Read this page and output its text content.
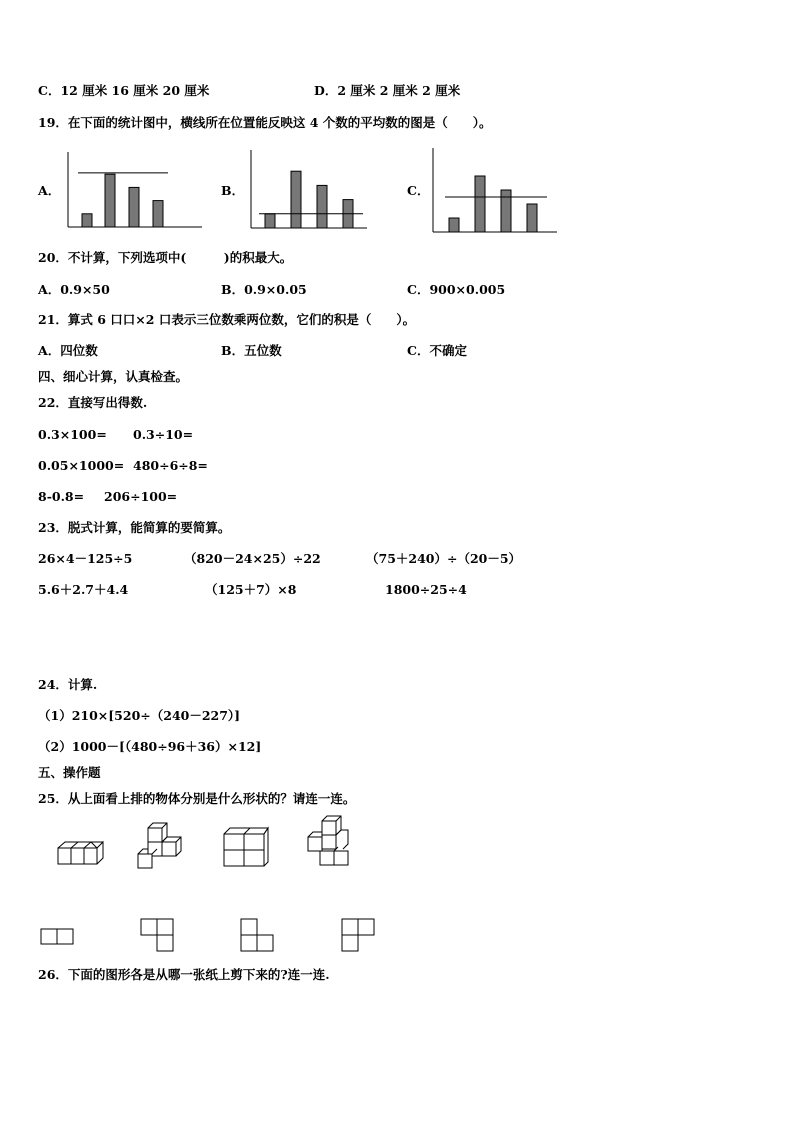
C．12 厘米 16 厘米 20 厘米	D．2 厘米 2 厘米 2 厘米
19．在下面的统计图中，横线所在位置能反映这 4 个数的平均数的图是（　　）。
A．	B．	C．
20．不计算，下列选项中(　　　)的积最大。
A．0.9×50	B．0.9×0.05	C．900×0.005
21．算式 6 口口×2 口表示三位数乘两位数，它们的积是（　　）。
A．四位数	B．五位数	C．不确定
四、细心计算，认真检查。
22．直接写出得数.
0.3×100= 0.3÷10=
0.05×1000= 480÷6÷8=
8-0.8= 206÷100=
23．脱式计算，能简算的要简算。
26×4－125÷5	（820－24×25）÷22	（75＋240）÷（20－5）
5.6＋2.7＋4.4	（125＋7）×8	1800÷25÷4
24．计算.
（1）210×[520÷（240－227）]
（2）1000－[（480÷96＋36）×12]
五、操作题
25．从上面看上排的物体分别是什么形状的？请连一连。
26．下面的图形各是从哪一张纸上剪下来的?连一连.
